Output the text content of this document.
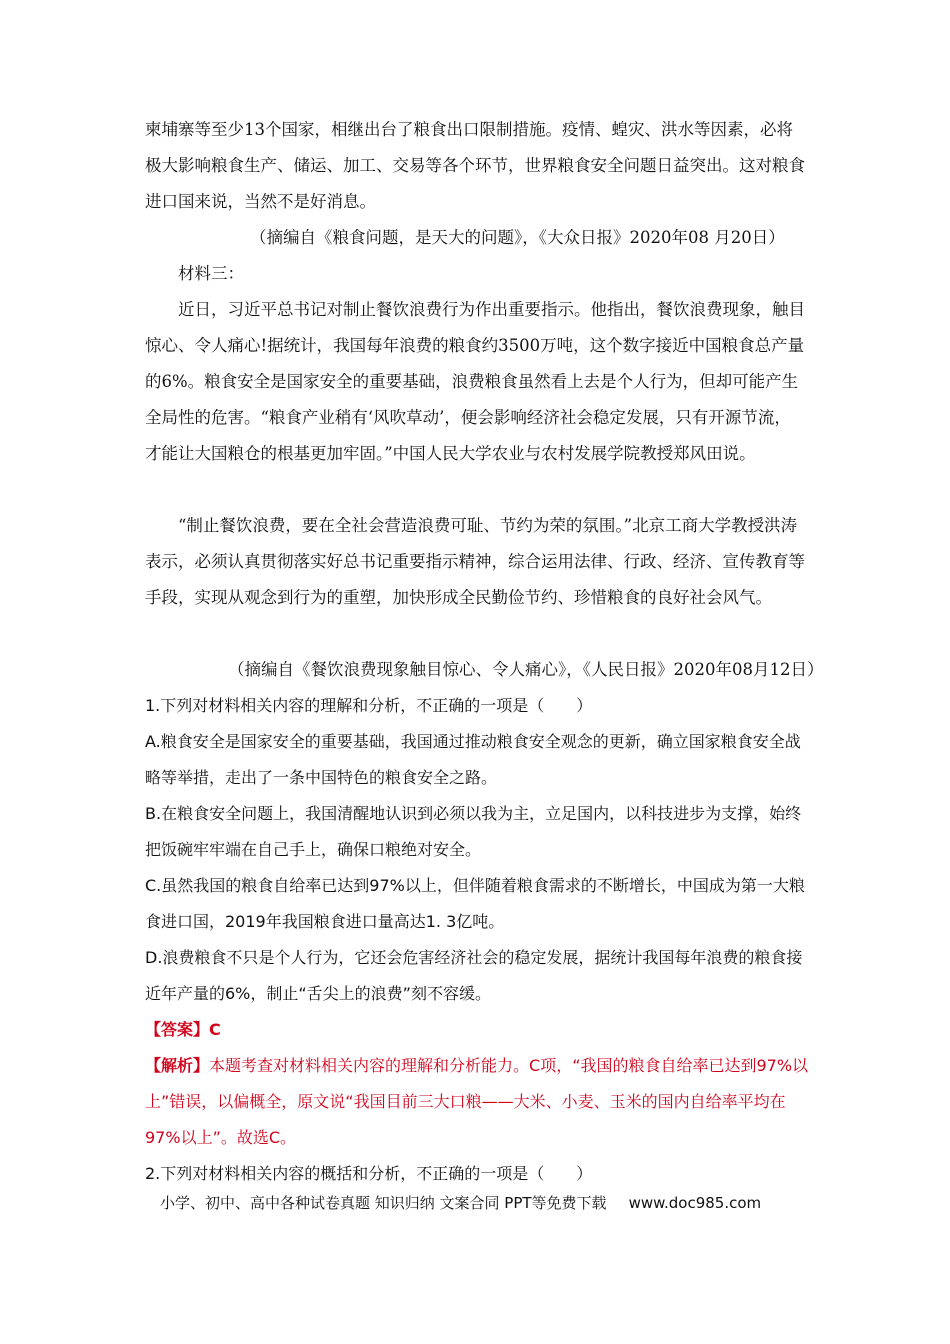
柬埔寨等至少13个国家，相继出台了粮食出口限制措施。疫情、蝗灾、洪水等因素，必将极大影响粮食生产、储运、加工、交易等各个环节，世界粮食安全问题日益突出。这对粮食进口国来说，当然不是好消息。

（摘编自《粮食问题，是天大的问题》，《大众日报》2020年08 月20日）

材料三：

近日，习近平总书记对制止餐饮浪费行为作出重要指示。他指出，餐饮浪费现象，触目惊心、令人痛心!据统计，我国每年浪费的粮食约3500万吨，这个数字接近中国粮食总产量的6%。粮食安全是国家安全的重要基础，浪费粮食虽然看上去是个人行为，但却可能产生全局性的危害。“粮食产业稍有‘风吹草动’，便会影响经济社会稳定发展，只有开源节流，才能让大国粮仓的根基更加牢固。”中国人民大学农业与农村发展学院教授郑风田说。

“制止餐饮浪费，要在全社会营造浪费可耻、节约为荣的氛围。”北京工商大学教授洪涛表示，必须认真贯彻落实好总书记重要指示精神，综合运用法律、行政、经济、宣传教育等手段，实现从观念到行为的重塑，加快形成全民勤俭节约、珍惜粮食的良好社会风气。

（摘编自《餐饮浪费现象触目惊心、令人痛心》，《人民日报》2020年08月12日）

1.下列对材料相关内容的理解和分析，不正确的一项是（　　）

A.粮食安全是国家安全的重要基础，我国通过推动粮食安全观念的更新，确立国家粮食安全战略等举措，走出了一条中国特色的粮食安全之路。

B.在粮食安全问题上，我国清醒地认识到必须以我为主，立足国内，以科技进步为支撑，始终把饭碗牢牢端在自己手上，确保口粮绝对安全。

C.虽然我国的粮食自给率已达到97%以上，但伴随着粮食需求的不断增长，中国成为第一大粮食进口国，2019年我国粮食进口量高达1. 3亿吨。

D.浪费粮食不只是个人行为，它还会危害经济社会的稳定发展，据统计我国每年浪费的粮食接近年产量的6%，制止“舌尖上的浪费”刻不容缓。

【答案】C

【解析】本题考查对材料相关内容的理解和分析能力。C项，“我国的粮食自给率已达到97%以上”错误，以偏概全，原文说“我国目前三大口粮——大米、小麦、玉米的国内自给率平均在97%以上”。故选C。

2.下列对材料相关内容的概括和分析，不正确的一项是（　　）

小学、初中、高中各种试卷真题 知识归纳 文案合同 PPT等免费下载 www.doc985.com
